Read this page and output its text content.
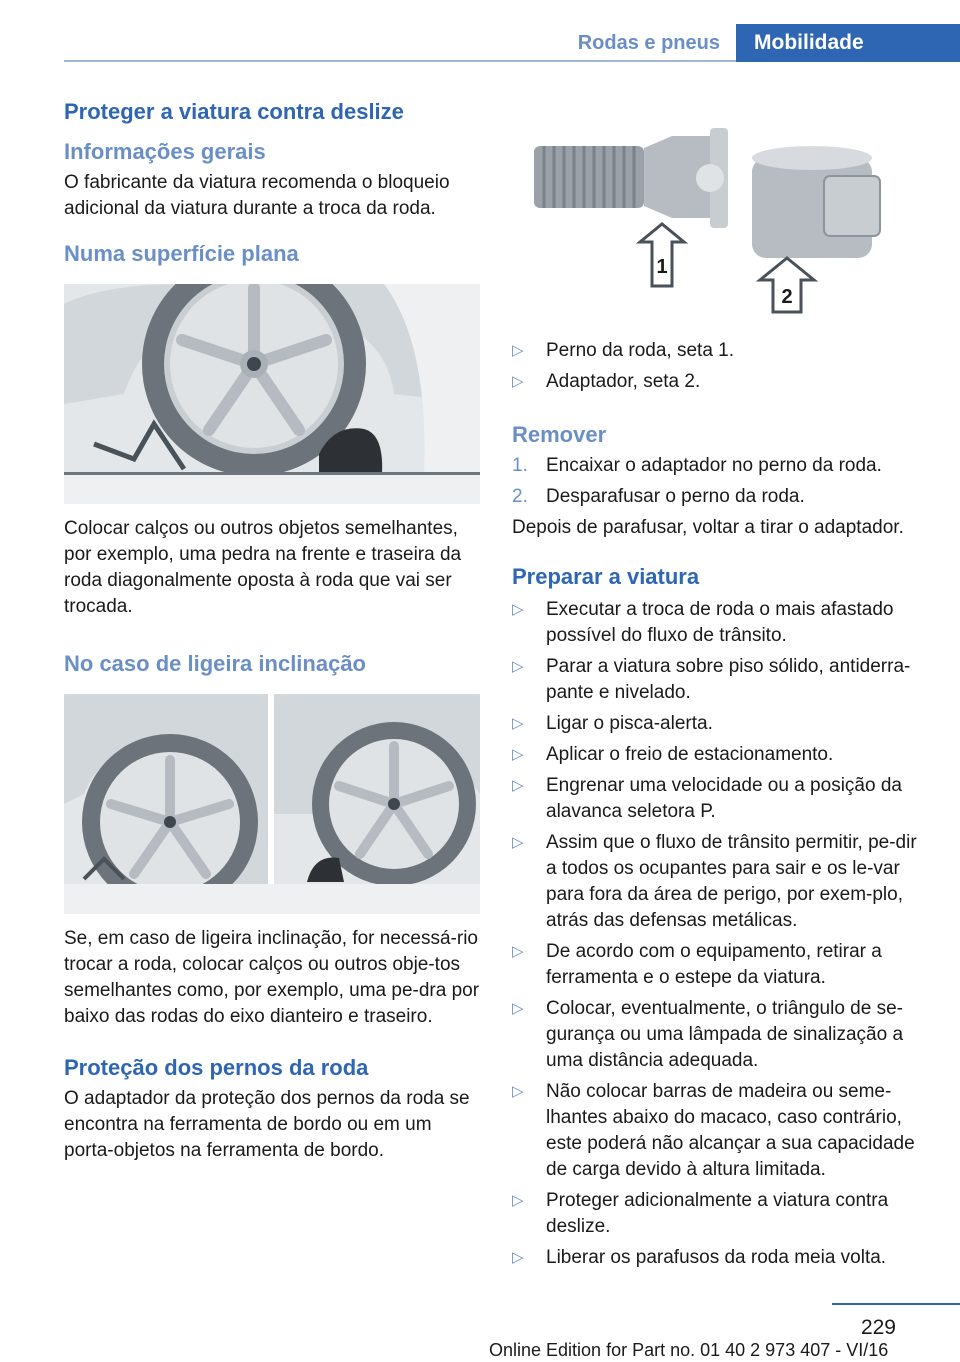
Rodas e pneus	Mobilidade
Proteger a viatura contra deslize
Informações gerais

O fabricante da viatura recomenda o bloqueio adicional da viatura durante a troca da roda.

Numa superfície plana

Colocar calços ou outros objetos semelhantes, por exemplo, uma pedra na frente e traseira da roda diagonalmente oposta à roda que vai ser trocada.

No caso de ligeira inclinação

Se, em caso de ligeira inclinação, for necessá-rio trocar a roda, colocar calços ou outros obje-tos semelhantes como, por exemplo, uma pe-dra por baixo das rodas do eixo dianteiro e traseiro.

Proteção dos pernos da roda

O adaptador da proteção dos pernos da roda se encontra na ferramenta de bordo ou em um porta-objetos na ferramenta de bordo.

1
2
▷ Perno da roda, seta 1.
▷ Adaptador, seta 2.
Remover
1. Encaixar o adaptador no perno da roda.
2. Desparafusar o perno da roda.

Depois de parafusar, voltar a tirar o adaptador.

Preparar a viatura
▷ Executar a troca de roda o mais afastado possível do fluxo de trânsito.
▷ Parar a viatura sobre piso sólido, antiderra-pante e nivelado.
▷ Ligar o pisca-alerta.
▷ Aplicar o freio de estacionamento.
▷ Engrenar uma velocidade ou a posição da alavanca seletora P.
▷ Assim que o fluxo de trânsito permitir, pe-dir a todos os ocupantes para sair e os le-var para fora da área de perigo, por exem-plo, atrás das defensas metálicas.
▷ De acordo com o equipamento, retirar a ferramenta e o estepe da viatura.
▷ Colocar, eventualmente, o triângulo de se-gurança ou uma lâmpada de sinalização a uma distância adequada.
▷ Não colocar barras de madeira ou seme-lhantes abaixo do macaco, caso contrário, este poderá não alcançar a sua capacidade de carga devido à altura limitada.
▷ Proteger adicionalmente a viatura contra deslize.
▷ Liberar os parafusos da roda meia volta.
229
Online Edition for Part no. 01 40 2 973 407 - VI/16
